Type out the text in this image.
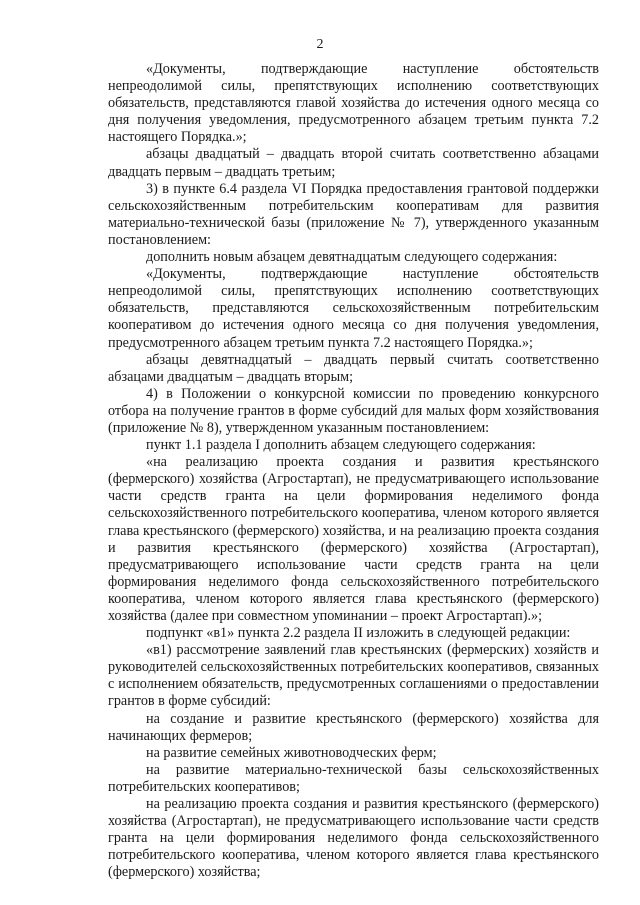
2

«Документы, подтверждающие наступление обстоятельств непреодолимой силы, препятствующих исполнению соответствующих обязательств, представляются главой хозяйства до истечения одного месяца со дня получения уведомления, предусмотренного абзацем третьим пункта 7.2 настоящего Порядка.»;

абзацы двадцатый – двадцать второй считать соответственно абзацами двадцать первым – двадцать третьим;

3) в пункте 6.4 раздела VI Порядка предоставления грантовой поддержки сельскохозяйственным потребительским кооперативам для развития материально-технической базы (приложение № 7), утвержденного указанным постановлением:

дополнить новым абзацем девятнадцатым следующего содержания:

«Документы, подтверждающие наступление обстоятельств непреодолимой силы, препятствующих исполнению соответствующих обязательств, представляются сельскохозяйственным потребительским кооперативом до истечения одного месяца со дня получения уведомления, предусмотренного абзацем третьим пункта 7.2 настоящего Порядка.»;

абзацы девятнадцатый – двадцать первый считать соответственно абзацами двадцатым – двадцать вторым;

4) в Положении о конкурсной комиссии по проведению конкурсного отбора на получение грантов в форме субсидий для малых форм хозяйствования (приложение № 8), утвержденном указанным постановлением:

пункт 1.1 раздела I дополнить абзацем следующего содержания:

«на реализацию проекта создания и развития крестьянского (фермерского) хозяйства (Агростартап), не предусматривающего использование части средств гранта на цели формирования неделимого фонда сельскохозяйственного потребительского кооператива, членом которого является глава крестьянского (фермерского) хозяйства, и на реализацию проекта создания и развития крестьянского (фермерского) хозяйства (Агростартап), предусматривающего использование части средств гранта на цели формирования неделимого фонда сельскохозяйственного потребительского кооператива, членом которого является глава крестьянского (фермерского) хозяйства (далее при совместном упоминании – проект Агростартап).»;

подпункт «в1» пункта 2.2 раздела II изложить в следующей редакции:

«в1) рассмотрение заявлений глав крестьянских (фермерских) хозяйств и руководителей сельскохозяйственных потребительских кооперативов, связанных с исполнением обязательств, предусмотренных соглашениями о предоставлении грантов в форме субсидий:

на создание и развитие крестьянского (фермерского) хозяйства для начинающих фермеров;

на развитие семейных животноводческих ферм;

на развитие материально-технической базы сельскохозяйственных потребительских кооперативов;

на реализацию проекта создания и развития крестьянского (фермерского) хозяйства (Агростартап), не предусматривающего использование части средств гранта на цели формирования неделимого фонда сельскохозяйственного потребительского кооператива, членом которого является глава крестьянского (фермерского) хозяйства;
